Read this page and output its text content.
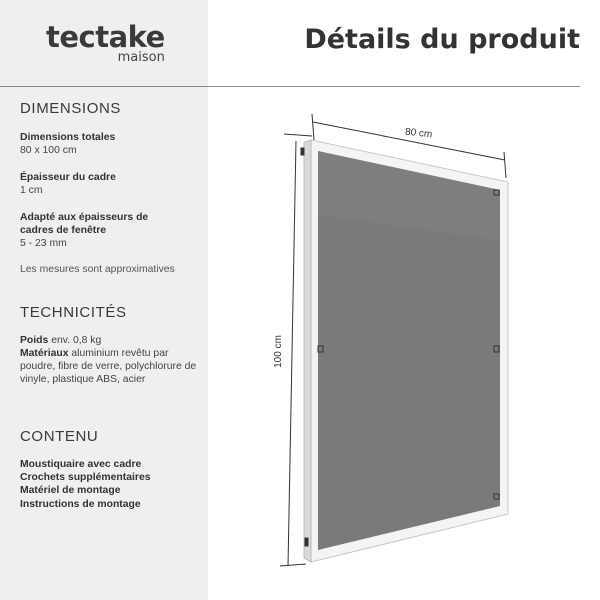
tectake
maison
Détails du produit
DIMENSIONS
Dimensions totales
80 x 100 cm
Épaisseur du cadre
1 cm
Adapté aux épaisseurs de
cadres de fenêtre
5 - 23 mm
Les mesures sont approximatives
TECHNICITÉS
Poids env. 0,8 kg
Matériaux aluminium revêtu par poudre, fibre de verre, polychlorure de vinyle, plastique ABS, acier
CONTENU
Moustiquaire avec cadre
Crochets supplémentaires
Matériel de montage
Instructions de montage
80 cm
100 cm
